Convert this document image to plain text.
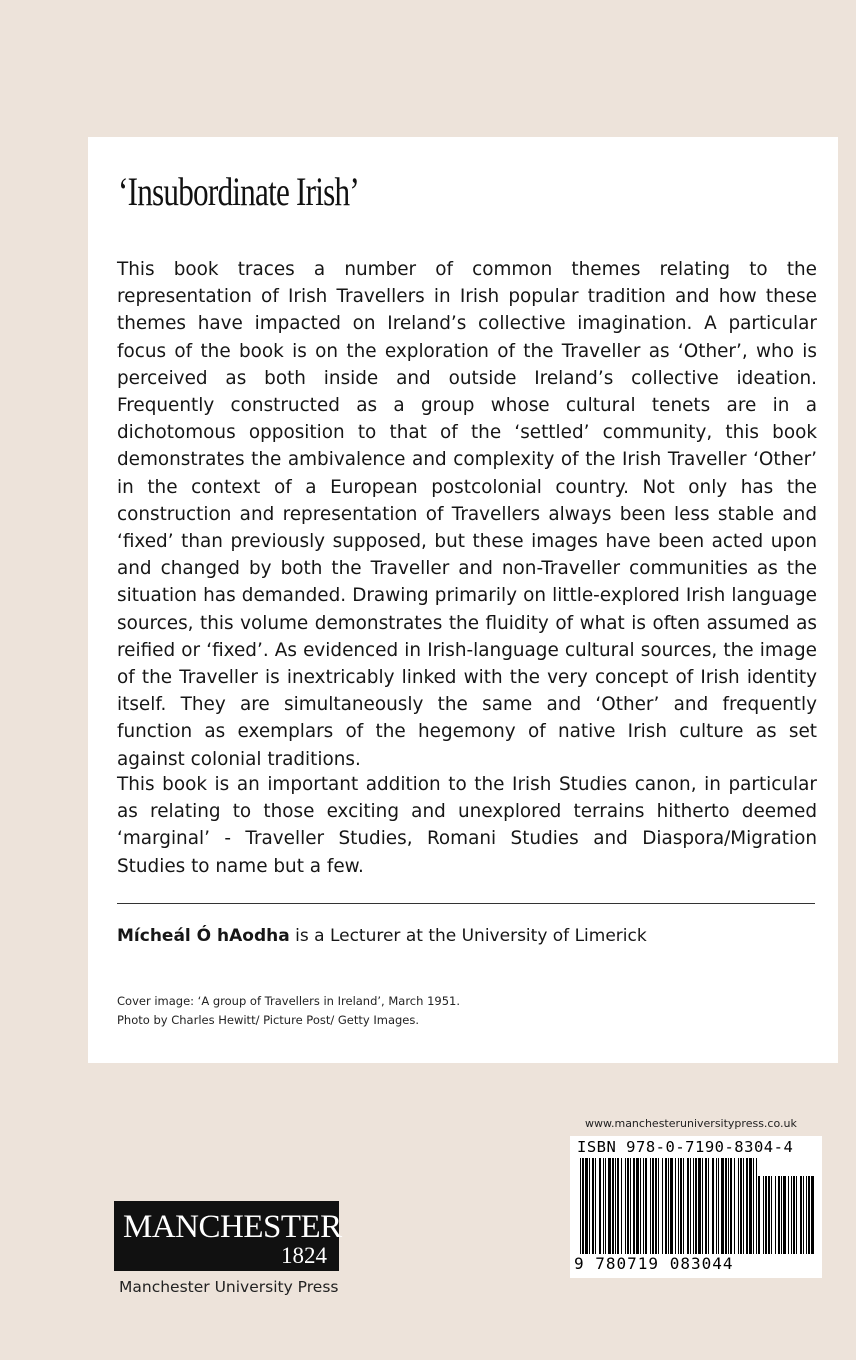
‘Insubordinate Irish’

This book traces a number of common themes relating to the representation of Irish Travellers in Irish popular tradition and how these themes have impacted on Ireland’s collective imagination. A particular focus of the book is on the exploration of the Traveller as ‘Other’, who is perceived as both inside and outside Ireland’s collective ideation. Frequently constructed as a group whose cultural tenets are in a dichotomous opposition to that of the ‘settled’ community, this book demonstrates the ambivalence and complexity of the Irish Traveller ‘Other’ in the context of a European postcolonial country. Not only has the construction and representation of Travellers always been less stable and ‘fixed’ than previously supposed, but these images have been acted upon and changed by both the Traveller and non-Traveller communities as the situation has demanded. Drawing primarily on little-explored Irish language sources, this volume demonstrates the fluidity of what is often assumed as reified or ‘fixed’. As evidenced in Irish-language cultural sources, the image of the Traveller is inextricably linked with the very concept of Irish identity itself. They are simultaneously the same and ‘Other’ and frequently function as exemplars of the hegemony of native Irish culture as set against colonial traditions.

This book is an important addition to the Irish Studies canon, in particular as relating to those exciting and unexplored terrains hitherto deemed ‘marginal’ - Traveller Studies, Romani Studies and Diaspora/Migration Studies to name but a few.

Mícheál Ó hAodha is a Lecturer at the University of Limerick
Cover image: ‘A group of Travellers in Ireland’, March 1951.
Photo by Charles Hewitt/ Picture Post/ Getty Images.
www.manchesteruniversitypress.co.uk
ISBN 978-0-7190-8304-4
9 780719 083044
MANCHESTER
1824
Manchester University Press
